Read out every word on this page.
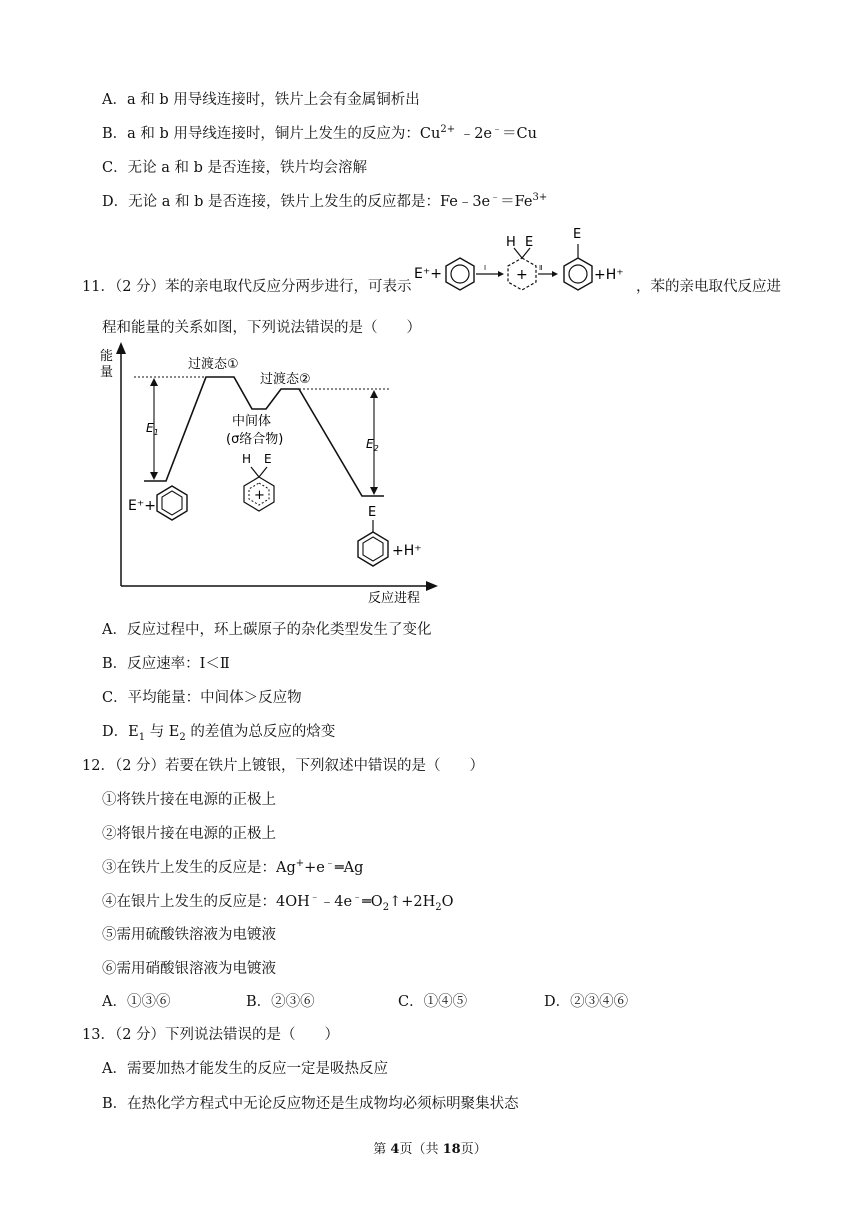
A．a 和 b 用导线连接时，铁片上会有金属铜析出
B．a 和 b 用导线连接时，铜片上发生的反应为：$Cu^{2+}$ ﹣2e﹣＝Cu
C．无论 a 和 b 是否连接，铁片均会溶解
D．无论 a 和 b 是否连接，铁片上发生的反应都是：$Fe﹣3e^﹣=Fe^{3+}$
11．（2 分）苯的亲电取代反应分两步进行，可表示
E⁺+	Ⅰ +
H E
Ⅱ
E
+H⁺
，苯的亲电取代反应进
程和能量的关系如图，下列说法错误的是（　　）
能
量
反应进程
$E_1$
$E_2$
过渡态①
过渡态②
中间体
(σ络合物)
H E
+
E⁺+	E
+H⁺
A．反应过程中，环上碳原子的杂化类型发生了变化
B．反应速率：Ⅰ＜Ⅱ
C．平均能量：中间体＞反应物
D．$E_1$ 与 $E_2$ 的差值为总反应的焓变
12．（2 分）若要在铁片上镀银，下列叙述中错误的是（　　）
①将铁片接在电源的正极上
②将银片接在电源的正极上
③在铁片上发生的反应是：Ag++e﹣═Ag
④在银片上发生的反应是：$4OH^﹣﹣4e^﹣═O_2↑+2H_2O$
⑤需用硫酸铁溶液为电镀液
⑥需用硝酸银溶液为电镀液
A．①③⑥	B．②③⑥	C．①④⑤	D．②③④⑥
13．（2 分）下列说法错误的是（　　）
A．需要加热才能发生的反应一定是吸热反应
B．在热化学方程式中无论反应物还是生成物均必须标明聚集状态
第 4页（共 18页）
